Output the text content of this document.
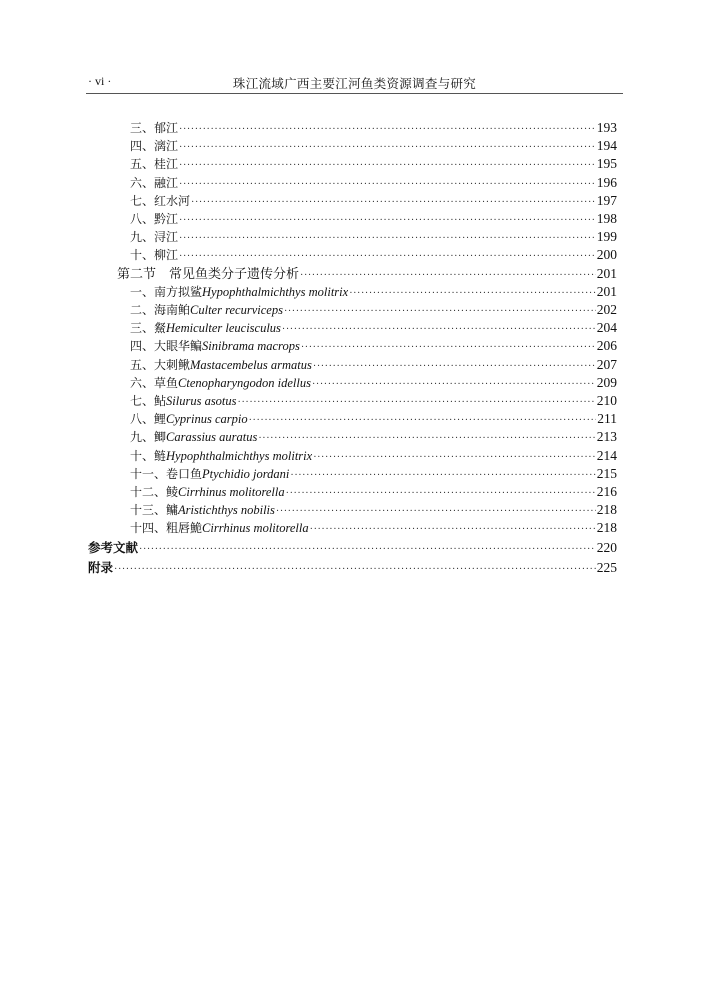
· vi ·	珠江流域广西主要江河鱼类资源调查与研究
三、郁江 ·····	193
四、漓江 ·····	194
五、桂江 ·····	195
六、融江 ·····	196
七、红水河 ·····	197
八、黔江 ·····	198
九、浔江 ·····	199
十、柳江 ·····	200
第二节　常见鱼类分子遗传分析 ·····	201
一、南方拟鲨 Hypophthalmichthys molitrix ·····	201
二、海南鲌 Culter recurviceps ·····	202
三、䱗 Hemiculter leucisculus ·····	204
四、大眼华鳊 Sinibrama macrops ·····	206
五、大刺鳅 Mastacembelus armatus ·····	207
六、草鱼 Ctenopharyngodon idellus ·····	209
七、鲇 Silurus asotus ·····	210
八、鲤 Cyprinus carpio ·····	211
九、鲫 Carassius auratus ·····	213
十、鲢 Hypophthalmichthys molitrix ·····	214
十一、卷口鱼 Ptychidio jordani ·····	215
十二、鲮 Cirrhinus molitorella ·····	216
十三、鳙 Aristichthys nobilis ·····	218
十四、粗唇鮠 Cirrhinus molitorella ·····	218
参考文献 ·····	220
附录 ·····	225
